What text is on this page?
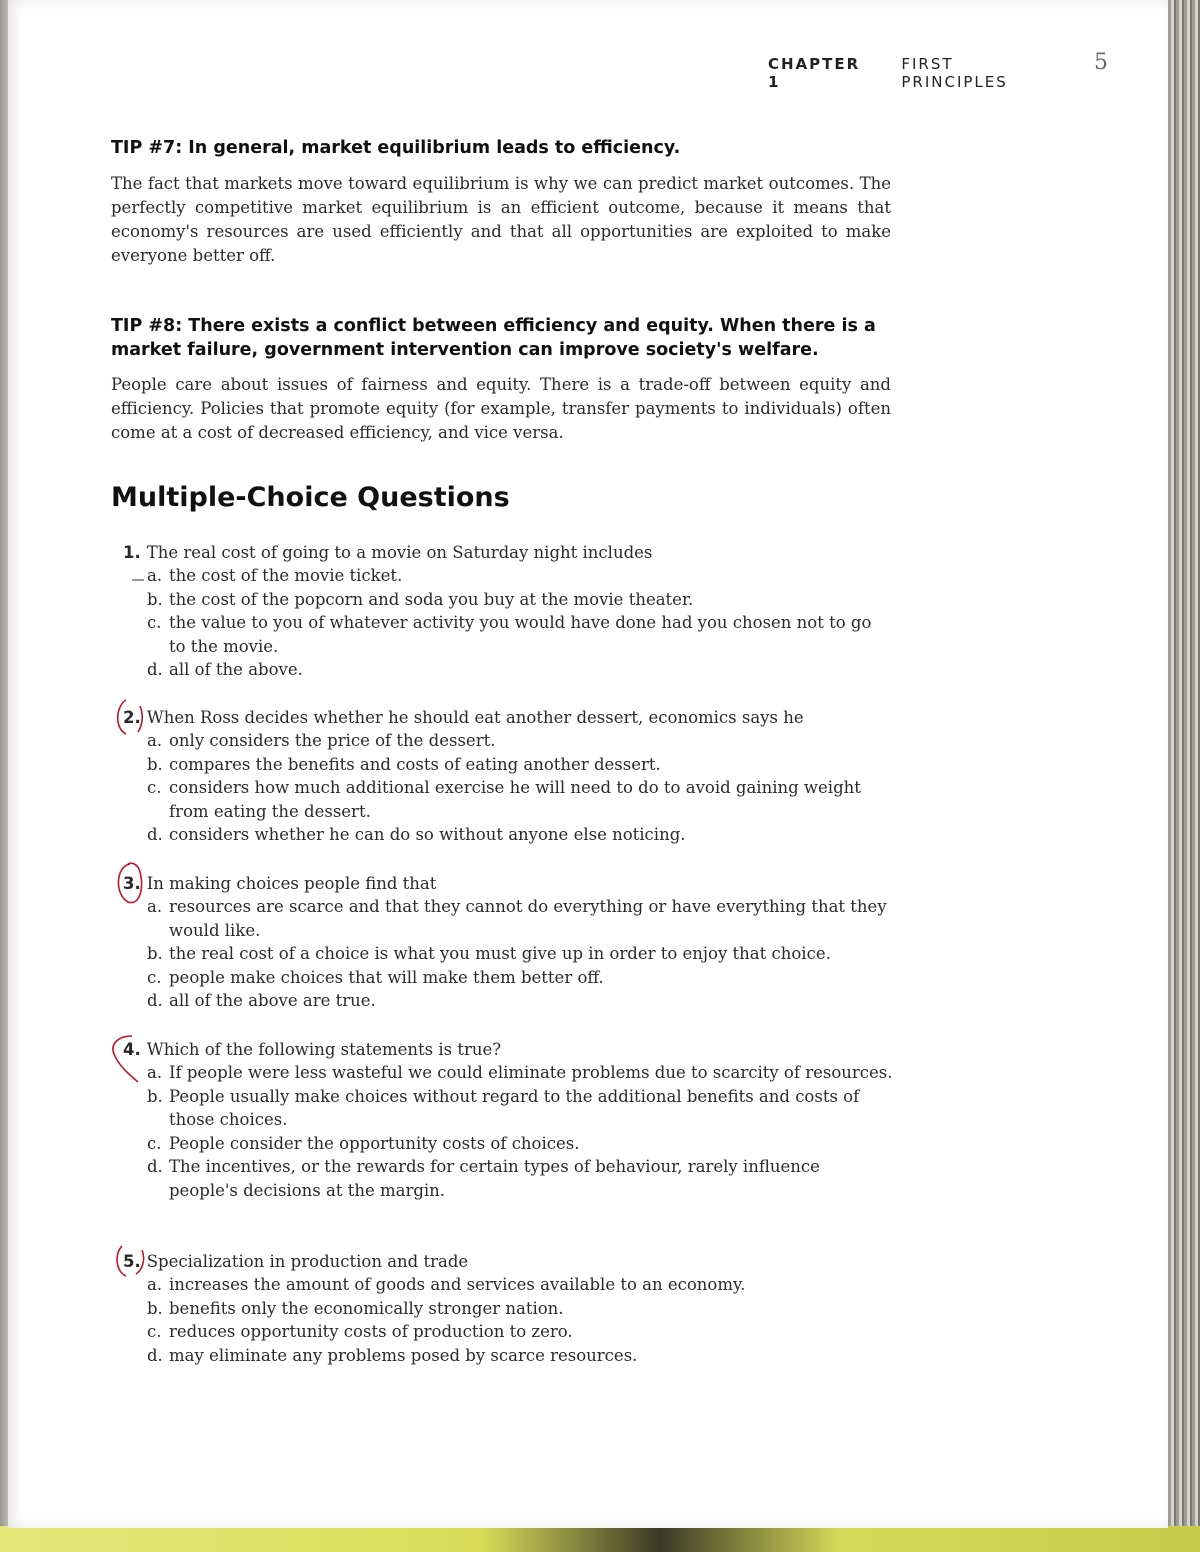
CHAPTER 1
FIRST PRINCIPLES
5
TIP #7: In general, market equilibrium leads to efficiency.
The fact that markets move toward equilibrium is why we can predict market outcomes. The perfectly competitive market equilibrium is an efficient outcome, because it means that economy's resources are used efficiently and that all opportunities are exploited to make everyone better off.
TIP #8: There exists a conflict between efficiency and equity. When there is a market failure, government intervention can improve society's welfare.
People care about issues of fairness and equity. There is a trade-off between equity and efficiency. Policies that promote equity (for example, transfer payments to individuals) often come at a cost of decreased efficiency, and vice versa.
Multiple-Choice Questions
1. The real cost of going to a movie on Saturday night includes
a. the cost of the movie ticket.
b. the cost of the popcorn and soda you buy at the movie theater.
c. the value to you of whatever activity you would have done had you chosen not to go to the movie.
d. all of the above.
2. When Ross decides whether he should eat another dessert, economics says he
a. only considers the price of the dessert.
b. compares the benefits and costs of eating another dessert.
c. considers how much additional exercise he will need to do to avoid gaining weight from eating the dessert.
d. considers whether he can do so without anyone else noticing.
3. In making choices people find that
a. resources are scarce and that they cannot do everything or have everything that they would like.
b. the real cost of a choice is what you must give up in order to enjoy that choice.
c. people make choices that will make them better off.
d. all of the above are true.
4. Which of the following statements is true?
a. If people were less wasteful we could eliminate problems due to scarcity of resources.
b. People usually make choices without regard to the additional benefits and costs of those choices.
c. People consider the opportunity costs of choices.
d. The incentives, or the rewards for certain types of behaviour, rarely influence people's decisions at the margin.
5. Specialization in production and trade
a. increases the amount of goods and services available to an economy.
b. benefits only the economically stronger nation.
c. reduces opportunity costs of production to zero.
d. may eliminate any problems posed by scarce resources.
